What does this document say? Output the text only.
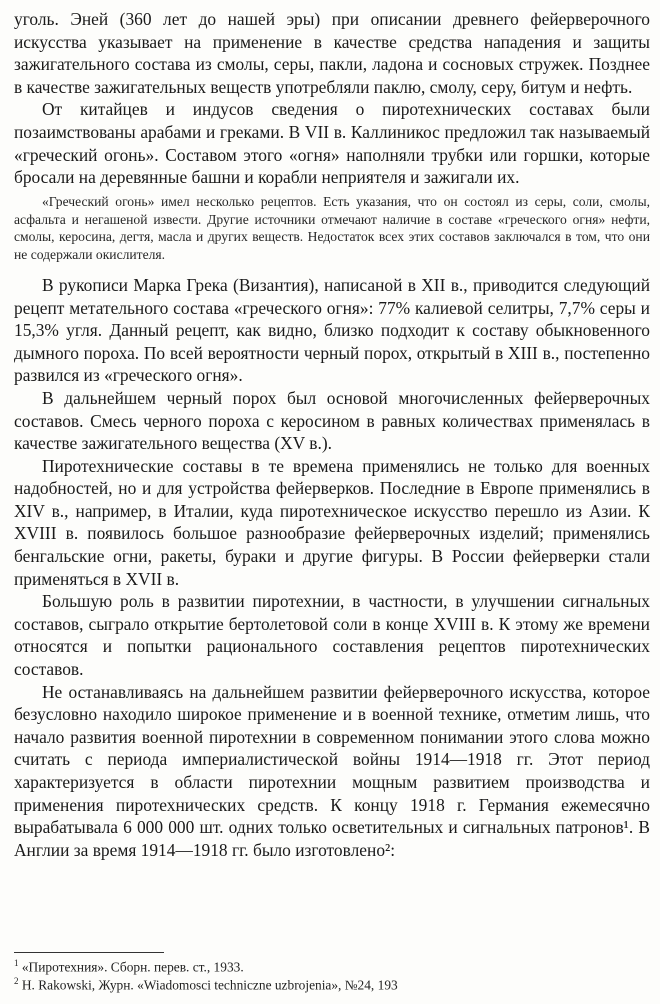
уголь. Эней (360 лет до нашей эры) при описании древнего фейерверочного искусства указывает на применение в качестве средства нападения и защиты зажигательного состава из смолы, серы, пакли, ладона и сосновых стружек. Позднее в качестве зажигательных веществ употребляли паклю, смолу, серу, битум и нефть.

От китайцев и индусов сведения о пиротехнических составах были позаимствованы арабами и греками. В VII в. Каллиникос предложил так называемый «греческий огонь». Составом этого «огня» наполняли трубки или горшки, которые бросали на деревянные башни и корабли неприятеля и зажигали их.

«Греческий огонь» имел несколько рецептов. Есть указания, что он состоял из серы, соли, смолы, асфальта и негашеной извести. Другие источники отмечают наличие в составе «греческого огня» нефти, смолы, керосина, дегтя, масла и других веществ. Недостаток всех этих составов заключался в том, что они не содержали окислителя.

В рукописи Марка Грека (Византия), написаной в XII в., приводится следующий рецепт метательного состава «греческого огня»: 77% калиевой селитры, 7,7% серы и 15,3% угля. Данный рецепт, как видно, близко подходит к составу обыкновенного дымного пороха. По всей вероятности черный порох, открытый в XIII в., постепенно развился из «греческого огня».

В дальнейшем черный порох был основой многочисленных фейерверочных составов. Смесь черного пороха с керосином в равных количествах применялась в качестве зажигательного вещества (XV в.).

Пиротехнические составы в те времена применялись не только для военных надобностей, но и для устройства фейерверков. Последние в Европе применялись в XIV в., например, в Италии, куда пиротехническое искусство перешло из Азии. К XVIII в. появилось большое разнообразие фейерверочных изделий; применялись бенгальские огни, ракеты, бураки и другие фигуры. В России фейерверки стали применяться в XVII в.

Большую роль в развитии пиротехнии, в частности, в улучшении сигнальных составов, сыграло открытие бертолетовой соли в конце XVIII в. К этому же времени относятся и попытки рационального составления рецептов пиротехнических составов.

Не останавливаясь на дальнейшем развитии фейерверочного искусства, которое безусловно находило широкое применение и в военной технике, отметим лишь, что начало развития военной пиротехнии в современном понимании этого слова можно считать с периода империалистической войны 1914—1918 гг. Этот период характеризуется в области пиротехнии мощным развитием производства и применения пиротехнических средств. К концу 1918 г. Германия ежемесячно вырабатывала 6 000 000 шт. одних только осветительных и сигнальных патронов¹. В Англии за время 1914—1918 гг. было изготовлено²:

$^1$ «Пиротехния». Сборн. перев. ст., 1933.
$^2$ H. Rakowski, Журн. «Wiadomosci techniczne uzbrojenia», №24, 193
